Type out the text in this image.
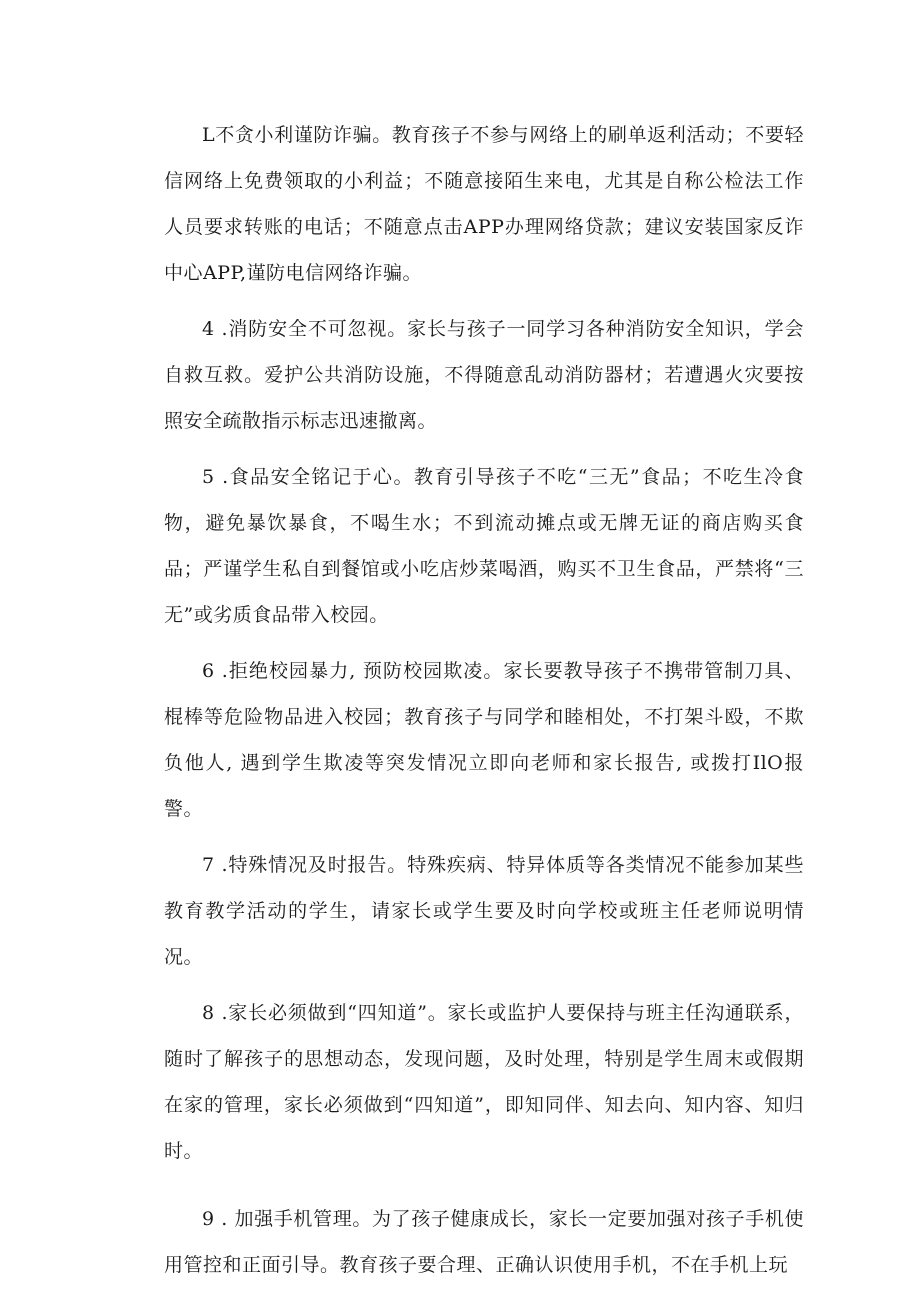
L不贪小利谨防诈骗。教育孩子不参与网络上的刷单返利活动；不要轻信网络上免费领取的小利益；不随意接陌生来电，尤其是自称公检法工作人员要求转账的电话；不随意点击APP办理网络贷款；建议安装国家反诈中心APP,谨防电信网络诈骗。

4 .消防安全不可忽视。家长与孩子一同学习各种消防安全知识，学会自救互救。爱护公共消防设施，不得随意乱动消防器材；若遭遇火灾要按照安全疏散指示标志迅速撤离。

5 .食品安全铭记于心。教育引导孩子不吃“三无”食品；不吃生冷食物，避免暴饮暴食，不喝生水；不到流动摊点或无牌无证的商店购买食品；严谨学生私自到餐馆或小吃店炒菜喝酒，购买不卫生食品，严禁将“三无”或劣质食品带入校园。

6 .拒绝校园暴力, 预防校园欺凌。家长要教导孩子不携带管制刀具、棍棒等危险物品进入校园；教育孩子与同学和睦相处，不打架斗殴，不欺负他人, 遇到学生欺凌等突发情况立即向老师和家长报告, 或拨打IlO报警。

7 .特殊情况及时报告。特殊疾病、特异体质等各类情况不能参加某些教育教学活动的学生，请家长或学生要及时向学校或班主任老师说明情况。

8 .家长必须做到“四知道”。家长或监护人要保持与班主任沟通联系，随时了解孩子的思想动态，发现问题，及时处理，特别是学生周末或假期在家的管理，家长必须做到“四知道”，即知同伴、知去向、知内容、知归时。

9 . 加强手机管理。为了孩子健康成长，家长一定要加强对孩子手机使用管控和正面引导。教育孩子要合理、正确认识使用手机，不在手机上玩
